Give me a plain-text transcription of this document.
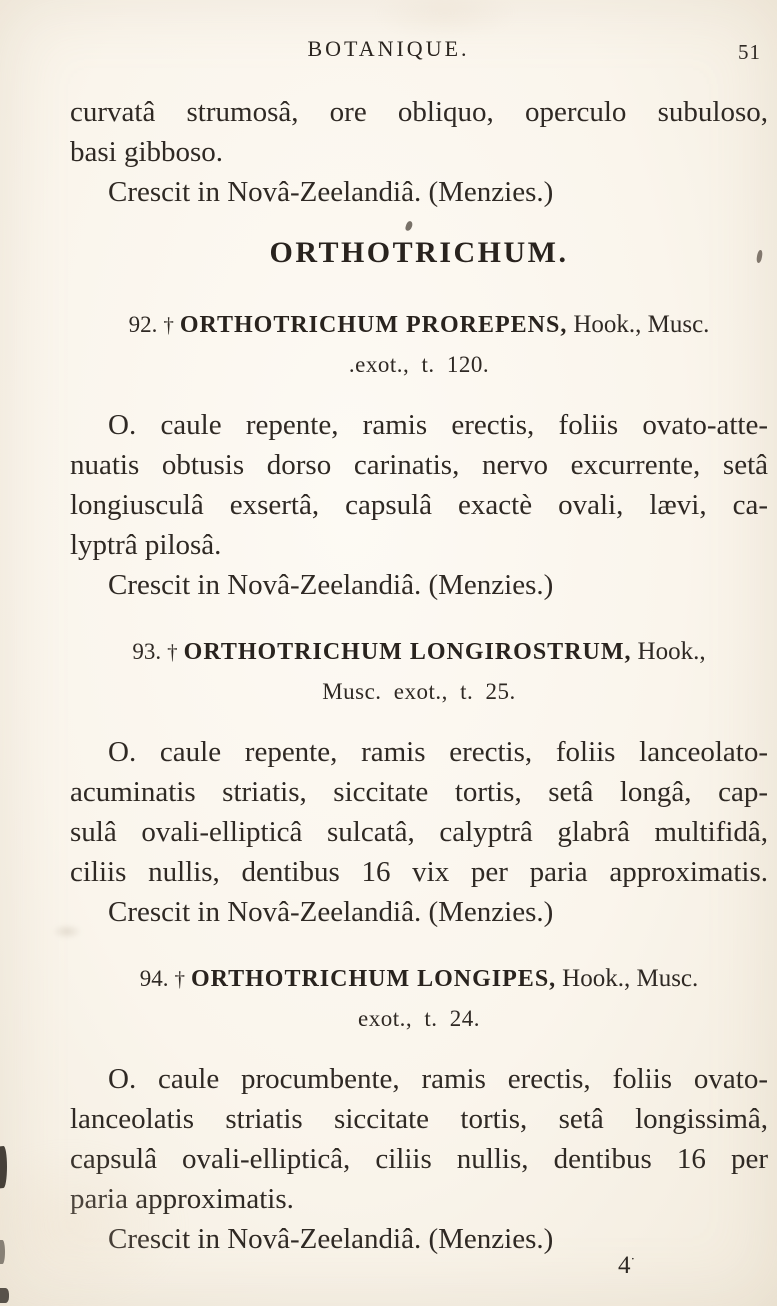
BOTANIQUE.	51
curvatâ strumosâ, ore obliquo, operculo subuloso,
basi gibboso.
Crescit in Novâ-Zeelandiâ. (Menzies.)
ORTHOTRICHUM.
92. † ORTHOTRICHUM PROREPENS, Hook., Musc.
.exot., t. 120.
O. caule repente, ramis erectis, foliis ovato-atte-
nuatis obtusis dorso carinatis, nervo excurrente, setâ
longiusculâ exsertâ, capsulâ exactè ovali, lævi, ca-
lyptrâ pilosâ.
Crescit in Novâ-Zeelandiâ. (Menzies.)
93. † ORTHOTRICHUM LONGIROSTRUM, Hook.,
Musc. exot., t. 25.
O. caule repente, ramis erectis, foliis lanceolato-
acuminatis striatis, siccitate tortis, setâ longâ, cap-
sulâ ovali-ellipticâ sulcatâ, calyptrâ glabrâ multifidâ,
ciliis nullis, dentibus 16 vix per paria approximatis.
Crescit in Novâ-Zeelandiâ. (Menzies.)
94. † ORTHOTRICHUM LONGIPES, Hook., Musc.
exot., t. 24.
O. caule procumbente, ramis erectis, foliis ovato-
lanceolatis striatis siccitate tortis, setâ longissimâ,
capsulâ ovali-ellipticâ, ciliis nullis, dentibus 16 per
paria approximatis.
Crescit in Novâ-Zeelandiâ. (Menzies.)
4·
